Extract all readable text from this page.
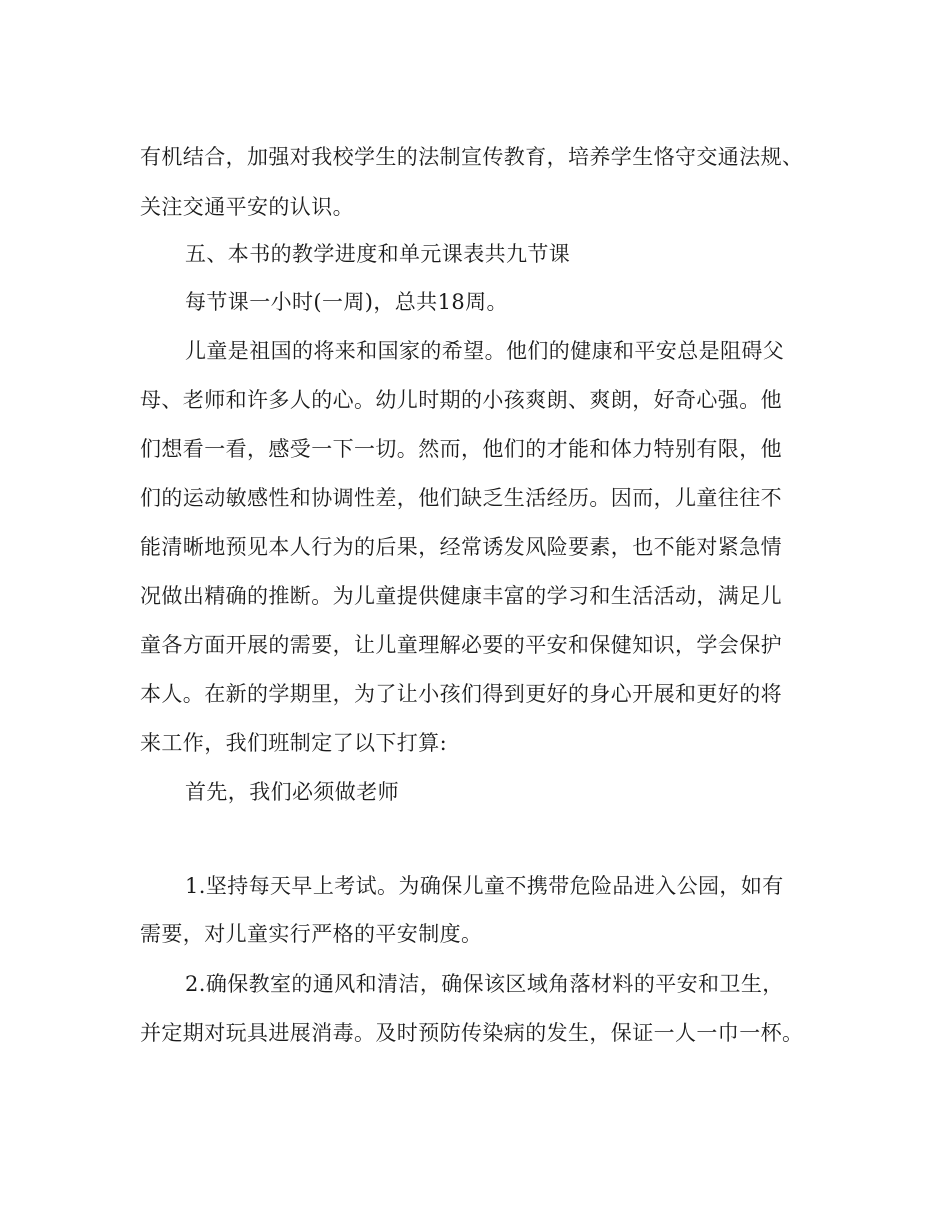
有机结合，加强对我校学生的法制宣传教育，培养学生恪守交通法规、

关注交通平安的认识。

五、本书的教学进度和单元课表共九节课

每节课一小时(一周)，总共18周。

儿童是祖国的将来和国家的希望。他们的健康和平安总是阻碍父

母、老师和许多人的心。幼儿时期的小孩爽朗、爽朗，好奇心强。他

们想看一看，感受一下一切。然而，他们的才能和体力特别有限，他

们的运动敏感性和协调性差，他们缺乏生活经历。因而，儿童往往不

能清晰地预见本人行为的后果，经常诱发风险要素，也不能对紧急情

况做出精确的推断。为儿童提供健康丰富的学习和生活活动，满足儿

童各方面开展的需要，让儿童理解必要的平安和保健知识，学会保护

本人。在新的学期里，为了让小孩们得到更好的身心开展和更好的将

来工作，我们班制定了以下打算:

首先，我们必须做老师

1.坚持每天早上考试。为确保儿童不携带危险品进入公园，如有

需要，对儿童实行严格的平安制度。

2.确保教室的通风和清洁，确保该区域角落材料的平安和卫生，

并定期对玩具进展消毒。及时预防传染病的发生，保证一人一巾一杯。
